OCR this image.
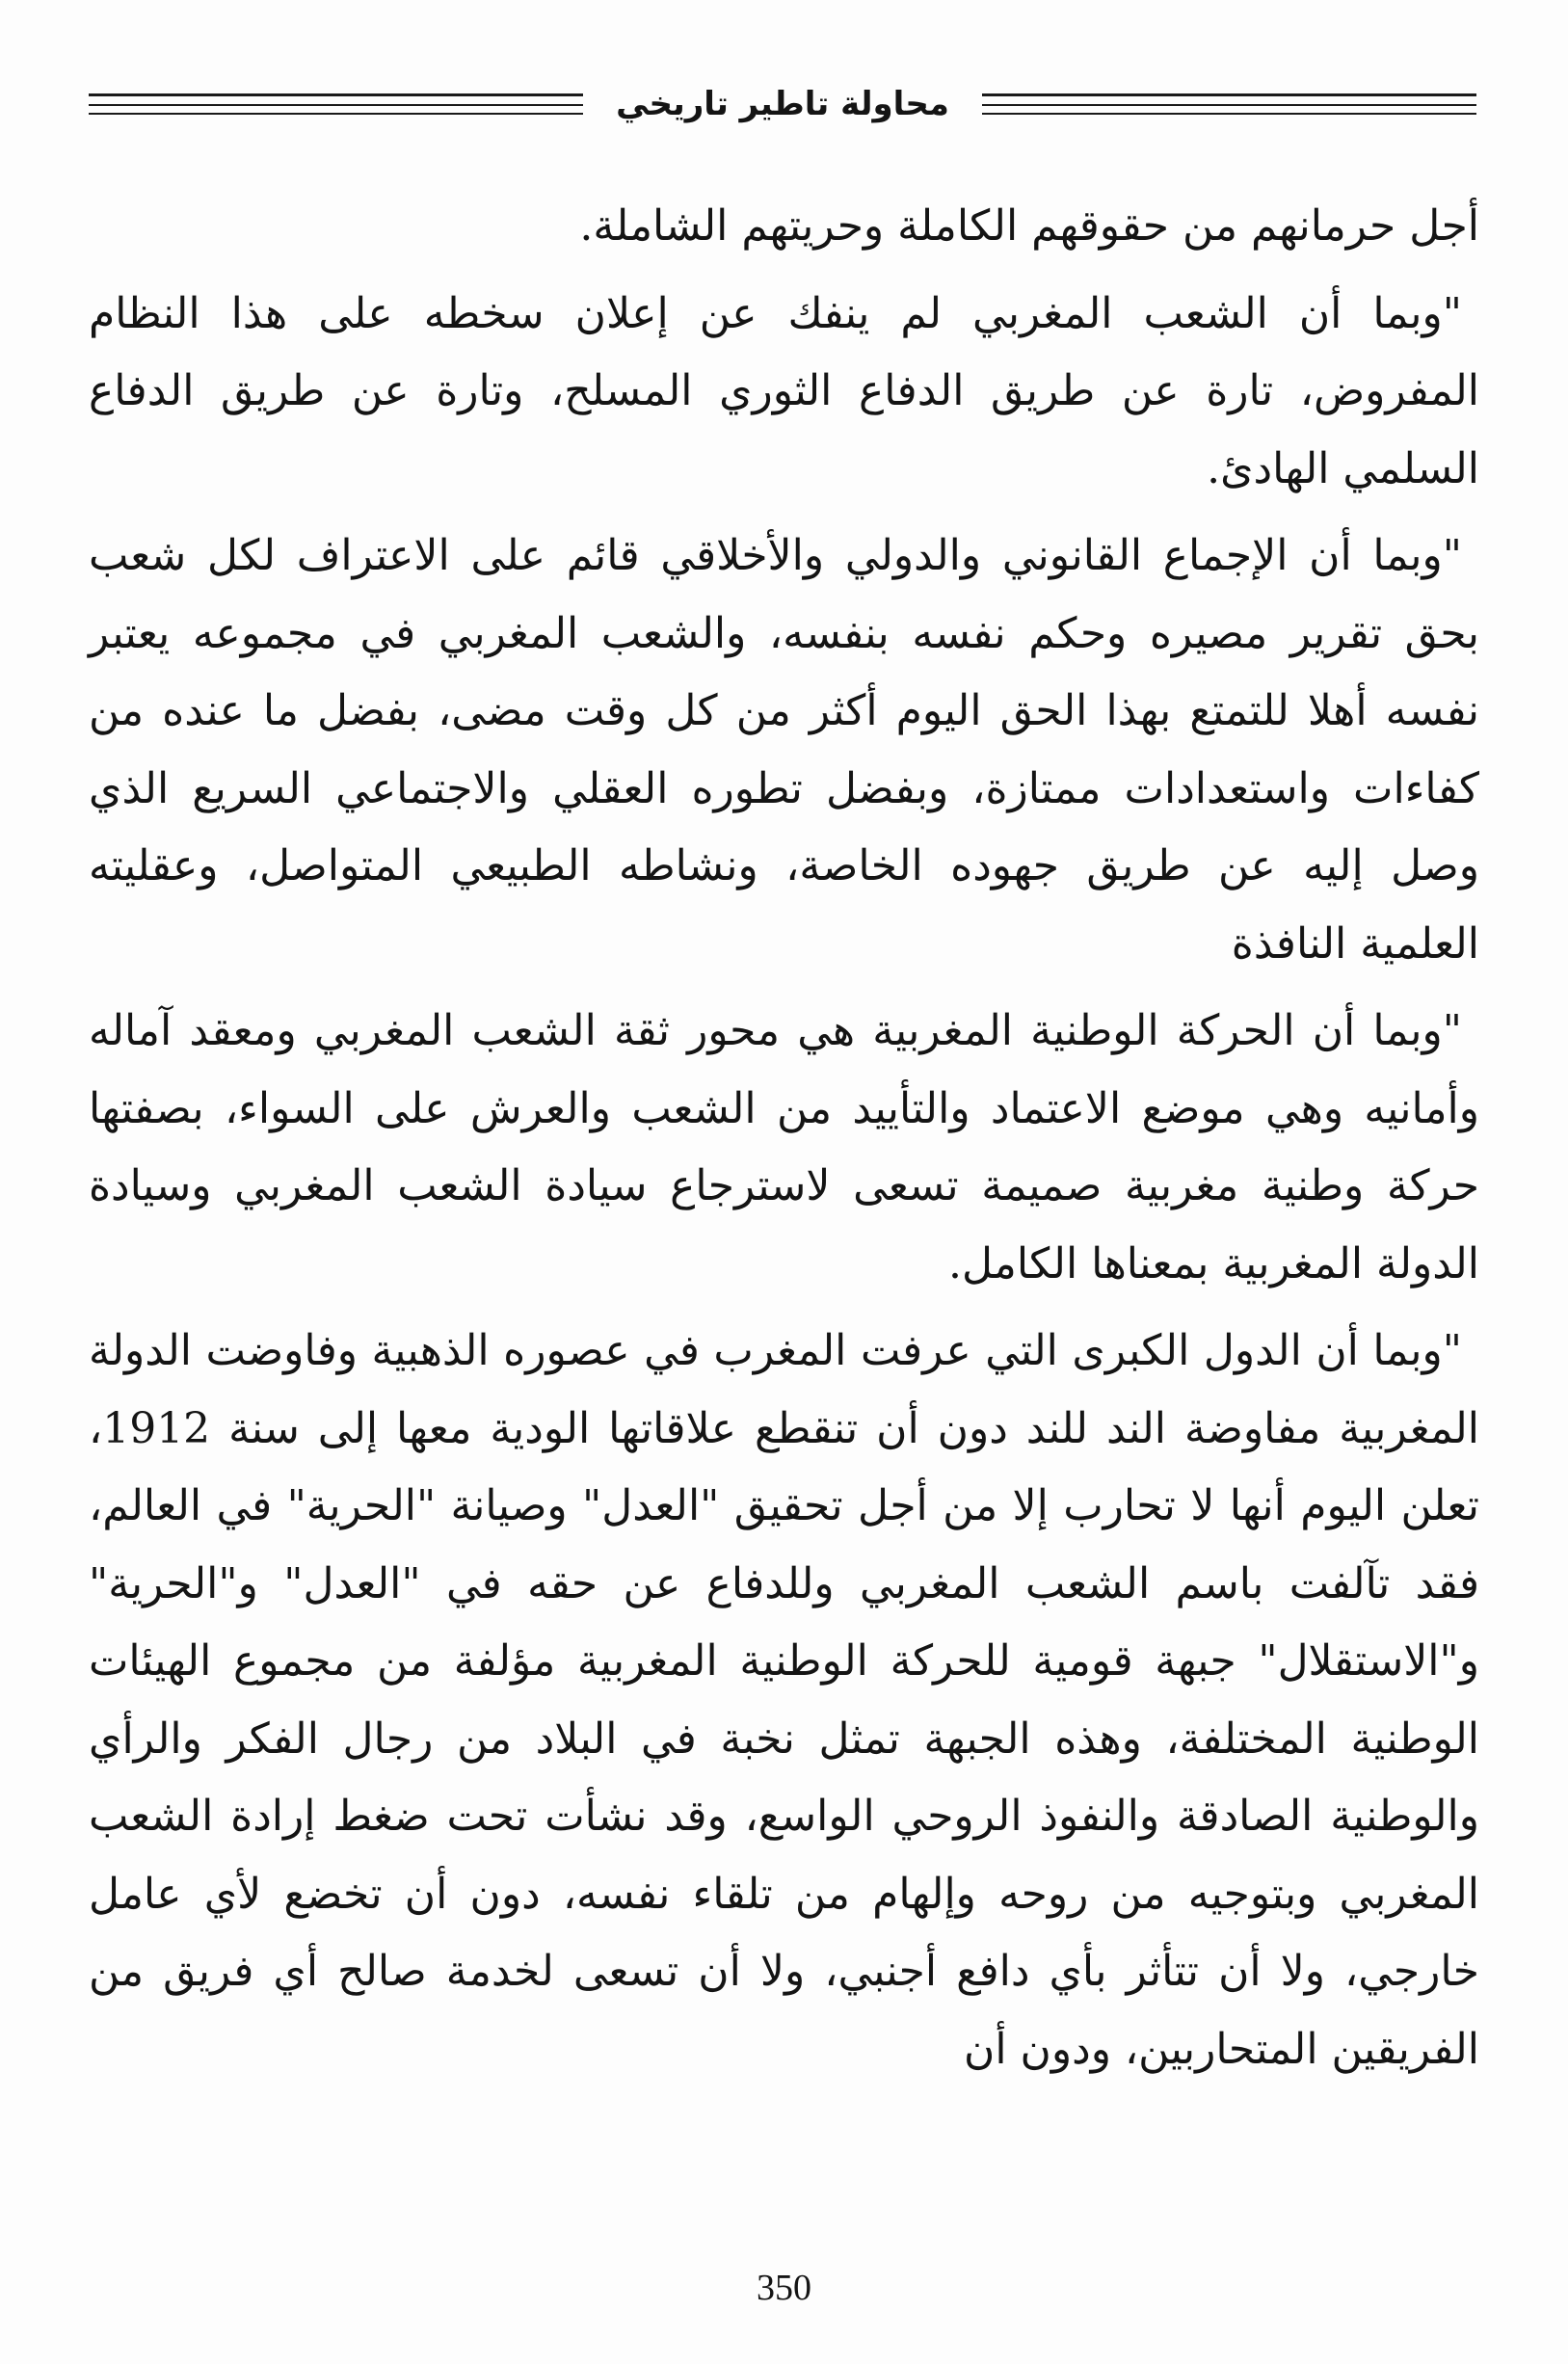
محاولة تاطير تاريخي

أجل حرمانهم من حقوقهم الكاملة وحريتهم الشاملة.

"وبما أن الشعب المغربي لم ينفك عن إعلان سخطه على هذا النظام المفروض، تارة عن طريق الدفاع الثوري المسلح، وتارة عن طريق الدفاع السلمي الهادئ.

"وبما أن الإجماع القانوني والدولي والأخلاقي قائم على الاعتراف لكل شعب بحق تقرير مصيره وحكم نفسه بنفسه، والشعب المغربي في مجموعه يعتبر نفسه أهلا للتمتع بهذا الحق اليوم أكثر من كل وقت مضى، بفضل ما عنده من كفاءات واستعدادات ممتازة، وبفضل تطوره العقلي والاجتماعي السريع الذي وصل إليه عن طريق جهوده الخاصة، ونشاطه الطبيعي المتواصل، وعقليته العلمية النافذة

"وبما أن الحركة الوطنية المغربية هي محور ثقة الشعب المغربي ومعقد آماله وأمانيه وهي موضع الاعتماد والتأييد من الشعب والعرش على السواء، بصفتها حركة وطنية مغربية صميمة تسعى لاسترجاع سيادة الشعب المغربي وسيادة الدولة المغربية بمعناها الكامل.

"وبما أن الدول الكبرى التي عرفت المغرب في عصوره الذهبية وفاوضت الدولة المغربية مفاوضة الند للند دون أن تنقطع علاقاتها الودية معها إلى سنة 1912، تعلن اليوم أنها لا تحارب إلا من أجل تحقيق "العدل" وصيانة "الحرية" في العالم، فقد تآلفت باسم الشعب المغربي وللدفاع عن حقه في "العدل" و"الحرية" و"الاستقلال" جبهة قومية للحركة الوطنية المغربية مؤلفة من مجموع الهيئات الوطنية المختلفة، وهذه الجبهة تمثل نخبة في البلاد من رجال الفكر والرأي والوطنية الصادقة والنفوذ الروحي الواسع، وقد نشأت تحت ضغط إرادة الشعب المغربي وبتوجيه من روحه وإلهام من تلقاء نفسه، دون أن تخضع لأي عامل خارجي، ولا أن تتأثر بأي دافع أجنبي، ولا أن تسعى لخدمة صالح أي فريق من الفريقين المتحاربين، ودون أن

350
